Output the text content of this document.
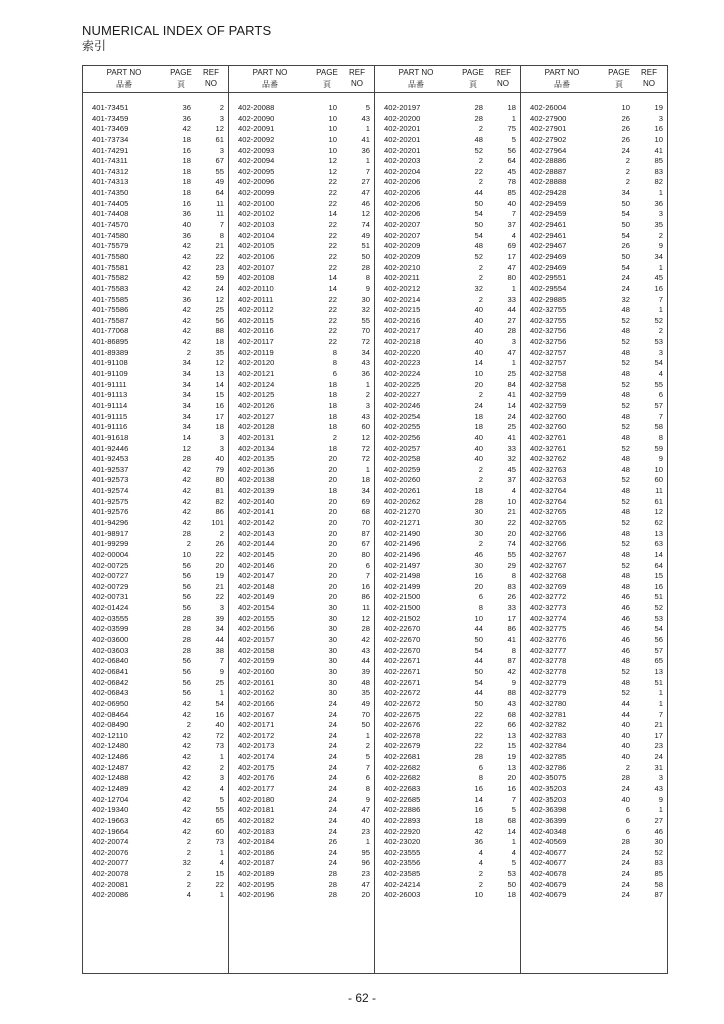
NUMERICAL INDEX OF PARTS
索引
PART NO
品番
PAGE
頁
REF
NO
401-73451	36	2
401-73459	36	3
401-73469	42	12
401-73734	18	61
401-74291	16	3
401-74311	18	67
401-74312	18	55
401-74313	18	49
401-74350	18	64
401-74405	16	11
401-74408	36	11
401-74570	40	7
401-74580	36	8
401-75579	42	21
401-75580	42	22
401-75581	42	23
401-75582	42	59
401-75583	42	24
401-75585	36	12
401-75586	42	25
401-75587	42	56
401-77068	42	88
401-86895	42	18
401-89389	2	35
401-91108	34	12
401-91109	34	13
401-91111	34	14
401-91113	34	15
401-91114	34	16
401-91115	34	17
401-91116	34	18
401-91618	14	3
401-92446	12	3
401-92453	28	40
401-92537	42	79
401-92573	42	80
401-92574	42	81
401-92575	42	82
401-92576	42	86
401-94296	42	101
401-98917	28	2
401-99299	2	26
402-00004	10	22
402-00725	56	20
402-00727	56	19
402-00729	56	21
402-00731	56	22
402-01424	56	3
402-03555	28	39
402-03599	28	34
402-03600	28	44
402-03603	28	38
402-06840	56	7
402-06841	56	9
402-06842	56	25
402-06843	56	1
402-06950	42	54
402-08464	42	16
402-08490	2	40
402-12110	42	72
402-12480	42	73
402-12486	42	1
402-12487	42	2
402-12488	42	3
402-12489	42	4
402-12704	42	5
402-19340	42	55
402-19663	42	65
402-19664	42	60
402-20074	2	73
402-20076	2	1
402-20077	32	4
402-20078	2	15
402-20081	2	22
402-20086	4	1
PART NO
品番
PAGE
頁
REF
NO
402-20088	10	5
402-20090	10	43
402-20091	10	1
402-20092	10	41
402-20093	10	36
402-20094	12	1
402-20095	12	7
402-20096	22	27
402-20099	22	47
402-20100	22	46
402-20102	14	12
402-20103	22	74
402-20104	22	49
402-20105	22	51
402-20106	22	50
402-20107	22	28
402-20108	14	8
402-20110	14	9
402-20111	22	30
402-20112	22	32
402-20115	22	55
402-20116	22	70
402-20117	22	72
402-20119	8	34
402-20120	8	43
402-20121	6	36
402-20124	18	1
402-20125	18	2
402-20126	18	3
402-20127	18	43
402-20128	18	60
402-20131	2	12
402-20134	18	72
402-20135	20	72
402-20136	20	1
402-20138	20	18
402-20139	18	34
402-20140	20	69
402-20141	20	68
402-20142	20	70
402-20143	20	87
402-20144	20	67
402-20145	20	80
402-20146	20	6
402-20147	20	7
402-20148	20	16
402-20149	20	86
402-20154	30	11
402-20155	30	12
402-20156	30	28
402-20157	30	42
402-20158	30	43
402-20159	30	44
402-20160	30	39
402-20161	30	48
402-20162	30	35
402-20166	24	49
402-20167	24	70
402-20171	24	50
402-20172	24	1
402-20173	24	2
402-20174	24	5
402-20175	24	7
402-20176	24	6
402-20177	24	8
402-20180	24	9
402-20181	24	47
402-20182	24	40
402-20183	24	23
402-20184	26	1
402-20186	24	95
402-20187	24	96
402-20189	28	23
402-20195	28	47
402-20196	28	20
PART NO
品番
PAGE
頁
REF
NO
402-20197	28	18
402-20200	28	1
402-20201	2	75
402-20201	48	5
402-20201	52	56
402-20203	2	64
402-20204	22	45
402-20206	2	78
402-20206	44	85
402-20206	50	40
402-20206	54	7
402-20207	50	37
402-20207	54	4
402-20209	48	69
402-20209	52	17
402-20210	2	47
402-20211	2	80
402-20212	32	1
402-20214	2	33
402-20215	40	44
402-20216	40	27
402-20217	40	28
402-20218	40	3
402-20220	40	47
402-20223	14	1
402-20224	10	25
402-20225	20	84
402-20227	2	41
402-20246	24	14
402-20254	18	24
402-20255	18	25
402-20256	40	41
402-20257	40	33
402-20258	40	32
402-20259	2	45
402-20260	2	37
402-20261	18	4
402-20262	28	10
402-21270	30	21
402-21271	30	22
402-21490	30	20
402-21496	2	74
402-21496	46	55
402-21497	30	29
402-21498	16	8
402-21499	20	83
402-21500	6	26
402-21500	8	33
402-21502	10	17
402-22670	44	86
402-22670	50	41
402-22670	54	8
402-22671	44	87
402-22671	50	42
402-22671	54	9
402-22672	44	88
402-22672	50	43
402-22675	22	68
402-22676	22	66
402-22678	22	13
402-22679	22	15
402-22681	28	19
402-22682	6	13
402-22682	8	20
402-22683	16	16
402-22685	14	7
402-22886	16	5
402-22893	18	68
402-22920	42	14
402-23020	36	1
402-23555	4	4
402-23556	4	5
402-23585	2	53
402-24214	2	50
402-26003	10	18
PART NO
品番
PAGE
頁
REF
NO
402-26004	10	19
402-27900	26	3
402-27901	26	16
402-27902	26	10
402-27964	24	41
402-28886	2	85
402-28887	2	83
402-28888	2	82
402-29428	34	1
402-29459	50	36
402-29459	54	3
402-29461	50	35
402-29461	54	2
402-29467	26	9
402-29469	50	34
402-29469	54	1
402-29551	24	45
402-29554	24	16
402-29885	32	7
402-32755	48	1
402-32755	52	52
402-32756	48	2
402-32756	52	53
402-32757	48	3
402-32757	52	54
402-32758	48	4
402-32758	52	55
402-32759	48	6
402-32759	52	57
402-32760	48	7
402-32760	52	58
402-32761	48	8
402-32761	52	59
402-32762	48	9
402-32763	48	10
402-32763	52	60
402-32764	48	11
402-32764	52	61
402-32765	48	12
402-32765	52	62
402-32766	48	13
402-32766	52	63
402-32767	48	14
402-32767	52	64
402-32768	48	15
402-32769	48	16
402-32772	46	51
402-32773	46	52
402-32774	46	53
402-32775	46	54
402-32776	46	56
402-32777	46	57
402-32778	48	65
402-32778	52	13
402-32779	48	51
402-32779	52	1
402-32780	44	1
402-32781	44	7
402-32782	40	21
402-32783	40	17
402-32784	40	23
402-32785	40	24
402-32786	2	31
402-35075	28	3
402-35203	24	43
402-35203	40	9
402-36398	6	1
402-36399	6	27
402-40348	6	46
402-40569	28	30
402-40677	24	52
402-40677	24	83
402-40678	24	85
402-40679	24	58
402-40679	24	87
- 62 -
